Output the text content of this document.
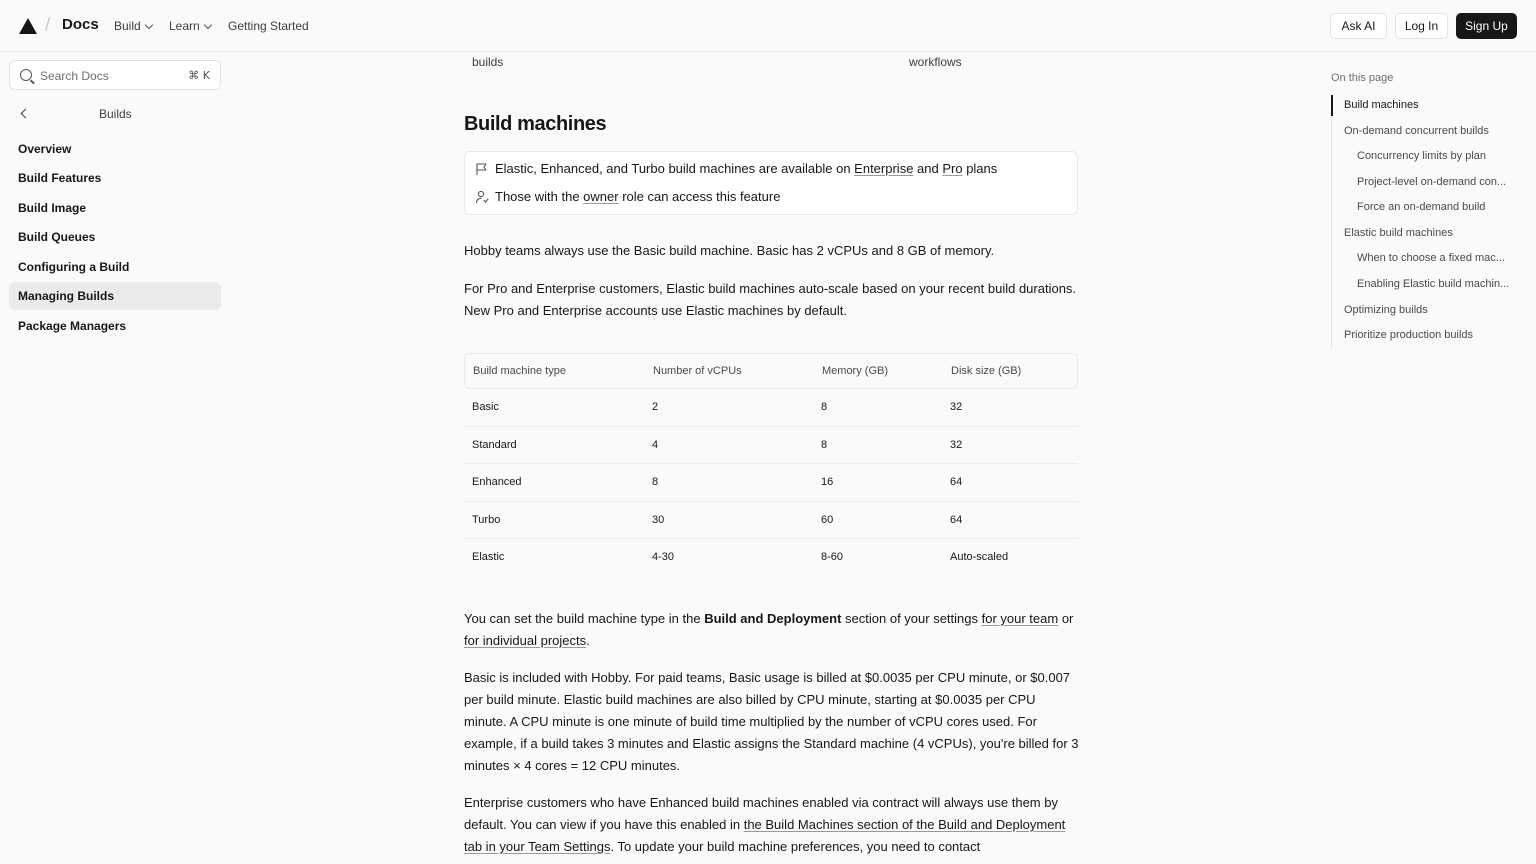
/ Docs Build Learn Getting Started	Ask AI	Log In	Sign Up
Search Docs	⌘ K
Builds
Overview
Build Features
Build Image
Build Queues
Configuring a Build
Managing Builds
Package Managers
builds	workflows
Build machines
Elastic, Enhanced, and Turbo build machines are available on Enterprise and Pro plans
Those with the owner role can access this feature

Hobby teams always use the Basic build machine. Basic has 2 vCPUs and 8 GB of memory.

For Pro and Enterprise customers, Elastic build machines auto-scale based on your recent build durations. New Pro and Enterprise accounts use Elastic machines by default.

Build machine type	Number of vCPUs	Memory (GB)	Disk size (GB)
Basic	2	8	32
Standard	4	8	32
Enhanced	8	16	64
Turbo	30	60	64
Elastic	4-30	8-60	Auto-scaled

You can set the build machine type in the Build and Deployment section of your settings for your team or for individual projects.

Basic is included with Hobby. For paid teams, Basic usage is billed at $0.0035 per CPU minute, or $0.007 per build minute. Elastic build machines are also billed by CPU minute, starting at $0.0035 per CPU minute. A CPU minute is one minute of build time multiplied by the number of vCPU cores used. For example, if a build takes 3 minutes and Elastic assigns the Standard machine (4 vCPUs), you're billed for 3 minutes × 4 cores = 12 CPU minutes.

Enterprise customers who have Enhanced build machines enabled via contract will always use them by default. You can view if you have this enabled in the Build Machines section of the Build and Deployment tab in your Team Settings. To update your build machine preferences, you need to contact

On this page
Build machines
On-demand concurrent builds
Concurrency limits by plan
Project-level on-demand con...
Force an on-demand build
Elastic build machines
When to choose a fixed mac...
Enabling Elastic build machin...
Optimizing builds
Prioritize production builds
